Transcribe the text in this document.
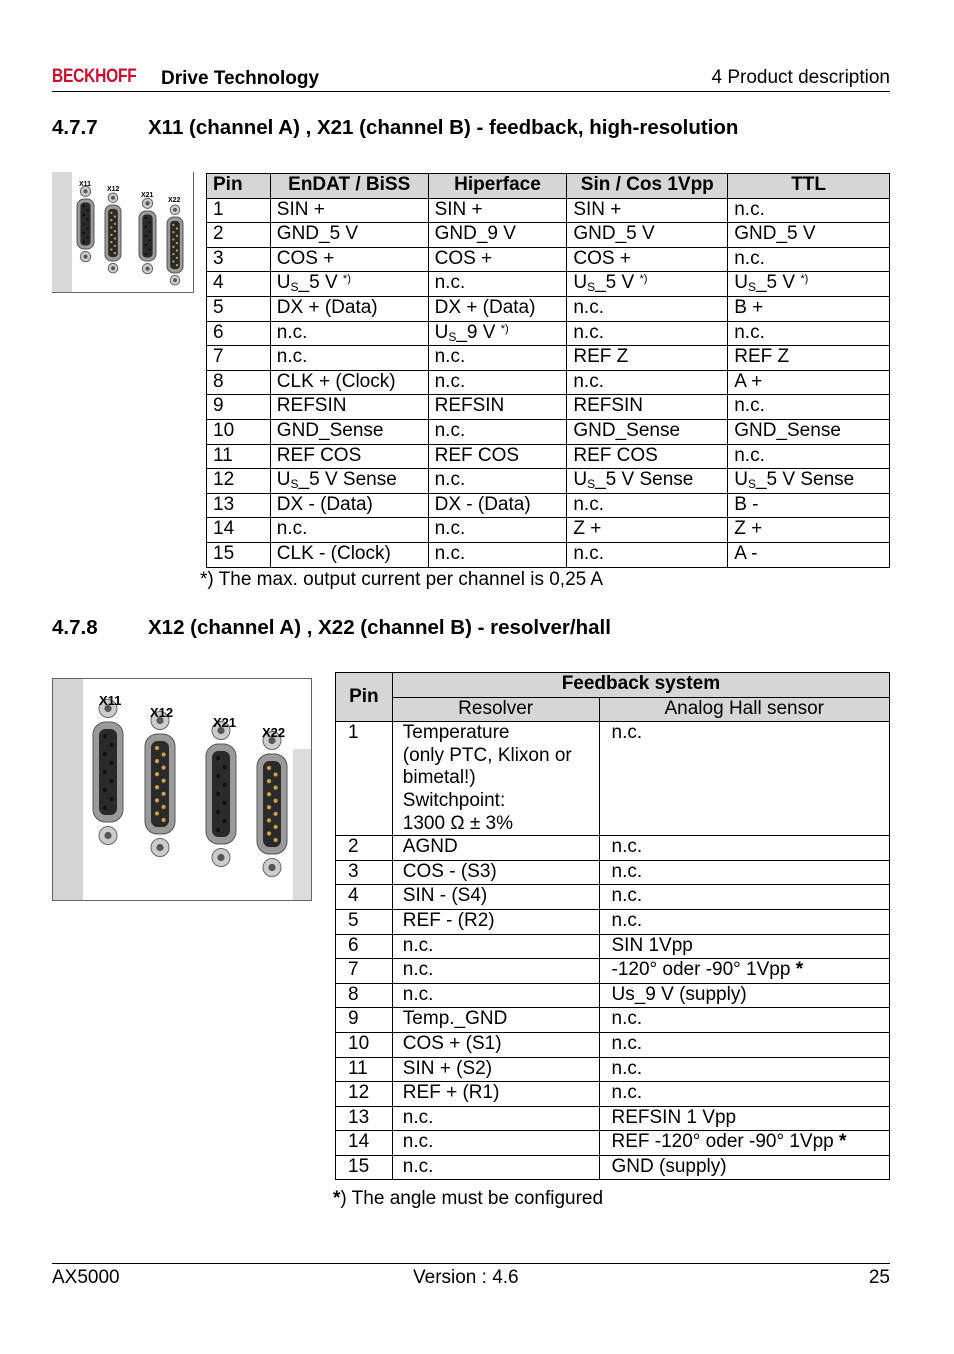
BECKHOFF Drive Technology	4 Product description
4.7.7 X11 (channel A) , X21 (channel B) - feedback, high-resolution
X11
X12
X21
X22
Pin	EnDAT / BiSS	Hiperface	Sin / Cos 1Vpp	TTL
1	SIN +	SIN +	SIN +	n.c.
2	GND_5 V	GND_9 V	GND_5 V	GND_5 V
3	COS +	COS +	COS +	n.c.
4	$U_S\_5$ V *)	n.c.	$U_S\_5$ V *)	$U_S\_5$ V *)
5	DX + (Data)	DX + (Data)	n.c.	B +
6	n.c.	$U_S\_9$ V *)	n.c.	n.c.
7	n.c.	n.c.	REF Z	REF Z
8	CLK + (Clock)	n.c.	n.c.	A +
9	REFSIN	REFSIN	REFSIN	n.c.
10	GND_Sense	n.c.	GND_Sense	GND_Sense
11	REF COS	REF COS	REF COS	n.c.
12	$U_S\_5$ V Sense	n.c.	$U_S\_5$ V Sense	$U_S\_5$ V Sense
13	DX - (Data)	DX - (Data)	n.c.	B -
14	n.c.	n.c.	Z +	Z +
15	CLK - (Clock)	n.c.	n.c.	A -
*) The max. output current per channel is 0,25 A
4.7.8 X12 (channel A) , X22 (channel B) - resolver/hall
X11
X12
X21
X22
Pin	Feedback system	
	Resolver	Analog Hall sensor
1	Temperature
(only PTC, Klixon or
bimetal!)
Switchpoint:
1300 Ω ± 3%	n.c.
2	AGND	n.c.
3	COS - (S3)	n.c.
4	SIN - (S4)	n.c.
5	REF - (R2)	n.c.
6	n.c.	SIN 1Vpp
7	n.c.	-120° oder -90° 1Vpp *
8	n.c.	Us_9 V (supply)
9	Temp._GND	n.c.
10	COS + (S1)	n.c.
11	SIN + (S2)	n.c.
12	REF + (R1)	n.c.
13	n.c.	REFSIN 1 Vpp
14	n.c.	REF -120° oder -90° 1Vpp *
15	n.c.	GND (supply)
*) The angle must be configured
AX5000	Version : 4.6	25
